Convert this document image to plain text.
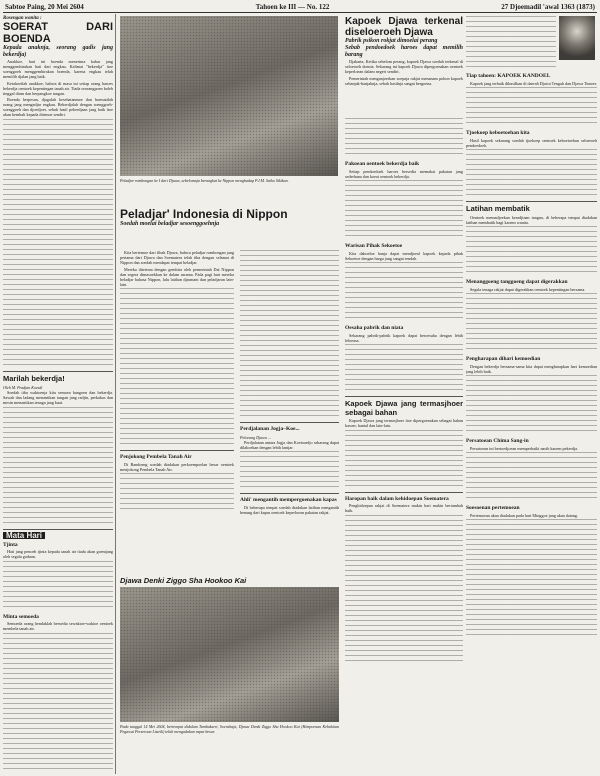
Sabtoe Paing, 20 Mei 2604	Tahoen ke III — No. 122	27 Djoemadil 'awal 1363 (1873)
Rosengan wanita :
SOERAT DARI BOENDA
Kepada anaknja, seorang gadis jang bekerdja)

Anakkoe, hari ini boenda menerima kabar jang menggembirakan hati dari engkau. Kalimat "bekerdja" itoe soenggoeh menggembirakan boenda, karena engkau telah memilih djalan jang baik.

Ketahoeilah anakkoe, bahwa di masa ini setiap orang haroes bekerdja oentoek kepentingan tanah air. Tiada seorangpoen boleh tinggal diam dan berpangkoe tangan.

Boenda berpesan, djagalah kesehatanmoe dan hormatilah orang jang mengadjar engkau. Bekerdjalah dengan soenggoeh-soenggoeh dan djoedjoer, sebab hasil pekerdjaan jang baik itoe akan kembali kepada dirimoe sendiri.

Marilah bekerdja!
Oleh M. Pradjan Koesdi

Soedah tiba waktoenja kita semoea bangoen dan bekerdja. Sawah dan ladang menantikan tangan jang radjin, perkakas dan mesin menantikan tenaga jang kuat.

Mata Hari
Tjinta

Hati jang penoeh tjinta kepada tanah air tiada akan goentjang oleh segala godaan.

Minta semoeda

Semoeda orang hendaklah bersedia sewaktoe-waktoe oentoek membela tanah air.

Peladjar rombongan ke I dari Djawa, sebelomnja berangkat ke Nippon menghadap P.J.M. Saiko Sikikan.
Peladjar' Indonesia di Nippon
Soedah moelai beladjar sesoenggoehnja

Kita bertemoe dari fihak Djawa, bahwa peladjar rombongan jang pertama dari Djawa dan Soematera telah tiba dengan selamat di Nippon dan soedah mendapat tempat beladjar.

Mereka diterima dengan gembira oleh pemerintah Dai Nippon dan segera dimasoekkan ke dalam asrama. Pada pagi hari mereka beladjar bahasa Nippon, lalu latihan djasmani dan peladjaran lain-lain.

Penjokong Pembela Tanah Air

Di Bandoeng soedah diadakan perkoempoelan besar oentoek menjokong Pembela Tanah Air.

Perdjalanan Jogja–Koe...
Peloeang Djawa ...

Perdjalanan antara Jogja dan Koetoardjo sekarang dapat dilakoekan dengan lebih lantjar.

Ahli' mengantih mempergoenakan kapas

Di beberapa tempat soedah diadakan latihan mengantih benang dari kapas oentoek keperloean pakaian rakjat.

Djawa Denki Ziggo Sha Hookoo Kai
Pada tanggal 14 Mei 2604, bertempat didalam Tambakseri, Soerabaja, Djawa Denki Ziggo Sha Hookoo Kai (Himpoenan Kebaktian Pegawai Perseroan Listrik) telah mengadakan rapat besar.
Kapoek Djawa terkenal diseloeroeh Djawa
Pabrik psikon rokjat dimoelai perang
Sebab pendoedoek haroes dapat memilih barang

Djakarta, Ketika sebelom perang, kapoek Djawa soedah terkenal di seloeroeh doenia. Sekarang ini kapoek Djawa dipergoenakan oentoek keperloean dalam negeri sendiri.

Pemerintah menganjoerkan soepaja rakjat menanam pohon kapoek sebanjak-banjaknja, sebab hasilnja sangat bergoena.

Pakoean oentoek bekerdja baik

Setiap pendoedoek haroes bersedia memakai pakaian jang sederhana dan koeat oentoek bekerdja.

Warisan Pihak Sekoetoe

Kita dahoeloe hanja dapat mendjoeal kapoek kepada pihak Sekoetoe dengan harga jang sangat rendah.

Oesaha pabrik dan niata

Sekarang pabrik-pabrik kapoek dapat beroesaha dengan lebih leloeasa.

Kapoek Djawa jang termasjhoer sebagai bahan

Kapoek Djawa jang termasjhoer itoe dipergoenakan sebagai bahan kasoer, bantal dan lain-lain.

Haropan baik dalam kehidoepan Soematera

Penghidoepan rakjat di Soematera makin hari makin bertambah baik.

Tiap tahoen: KAPOEK KANDOEL

Kapoek jang terbaik dihasilkan di daerah Djawa Tengah dan Djawa Timoer.

Tjoekoep keboetoehan kita

Hasil kapoek sekarang soedah tjoekoep oentoek keboetoehan seloeroeh pendoedoek.

Latihan membatik

Oentoek memadjoekan keradjinan tangan, di beberapa tempat diadakan latihan membatik bagi kaoem wanita.

Menanggoeng tanggoeng dapat digerakkan

Segala tenaga rakjat dapat digerakkan oentoek kepentingan bersama.

Pengharapan dihari kemoedian

Dengan bekerdja bersama-sama kita dapat mengharapkan hari kemoedian jang lebih baik.

Persatoean Chima Sang-in

Persatoean ini bertoedjoean memperbaiki nasib kaoem pekerdja.

Soesoenan pertemoean

Pertemoean akan diadakan pada hari Minggoe jang akan datang.
